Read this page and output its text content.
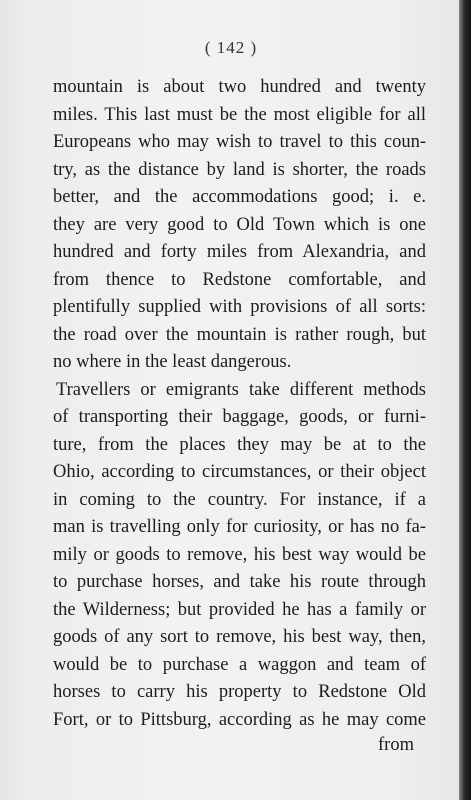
( 142 )
mountain is about two hundred and twenty
miles. This last must be the most eligible for all
Europeans who may wish to travel to this coun-
try, as the distance by land is shorter, the roads
better, and the accommodations good; i. e.
they are very good to Old Town which is one
hundred and forty miles from Alexandria, and
from thence to Redstone comfortable, and
plentifully supplied with provisions of all sorts:
the road over the mountain is rather rough, but
no where in the least dangerous.
Travellers or emigrants take different methods
of transporting their baggage, goods, or furni-
ture, from the places they may be at to the
Ohio, according to circumstances, or their object
in coming to the country. For instance, if a
man is travelling only for curiosity, or has no fa-
mily or goods to remove, his best way would be
to purchase horses, and take his route through
the Wilderness; but provided he has a family or
goods of any sort to remove, his best way, then,
would be to purchase a waggon and team of
horses to carry his property to Redstone Old
Fort, or to Pittsburg, according as he may come
from
